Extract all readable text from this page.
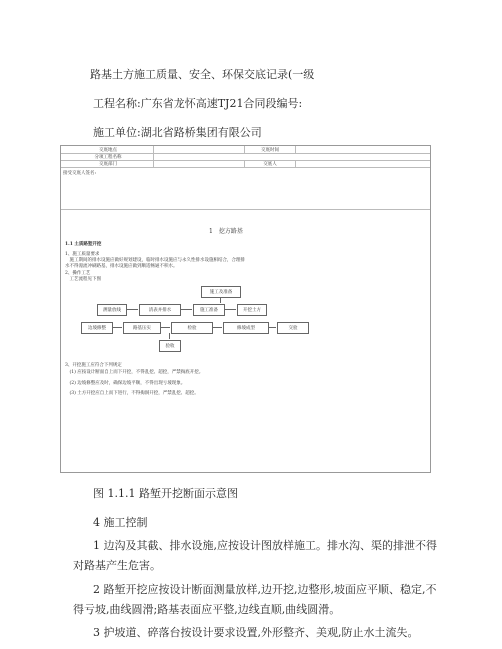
路基土方施工质量、安全、环保交底记录(一级
工程名称:广东省龙怀高速TJ21合同段编号:
施工单位:湖北省路桥集团有限公司
交底地点	交底时间
分项工程名称
交底部门	交底人
接受交底人签名:
1　挖方路基
1.1 土质路堑开挖
1、施工质量要求
　施工期间的排水设施应做好规划建设，临时排水设施应与永久性排水设施相结合，合理排
水不得漫流冲刷路基，排水设施应做到顺适畅通不积水。
2、操作工艺
　工艺流程见下图
施工及准备
测量放线	清表并排水	施工准备	开挖土方
边坡修整	路基压实	检验	修坡成型	交验
验收
3、开挖施工应符合下列规定
　(1) 应按设计断面自上而下开挖，不得乱挖、超挖，严禁掏底开挖。
　(2) 边坡修整应及时，确保边坡平顺，不得出现亏坡现象。
　(3) 土方开挖应自上而下进行，不得掏洞开挖，严禁乱挖、超挖。
图 1.1.1 路堑开挖断面示意图
4 施工控制
1 边沟及其截、排水设施,应按设计图放样施工。排水沟、渠的排泄不得对路基产生危害。
2 路堑开挖应按设计断面测量放样,边开挖,边整形,坡面应平顺、稳定,不得亏坡,曲线圆滑;路基表面应平整,边线直顺,曲线圆滑。
3 护坡道、碎落台按设计要求设置,外形整齐、美观,防止水土流失。
